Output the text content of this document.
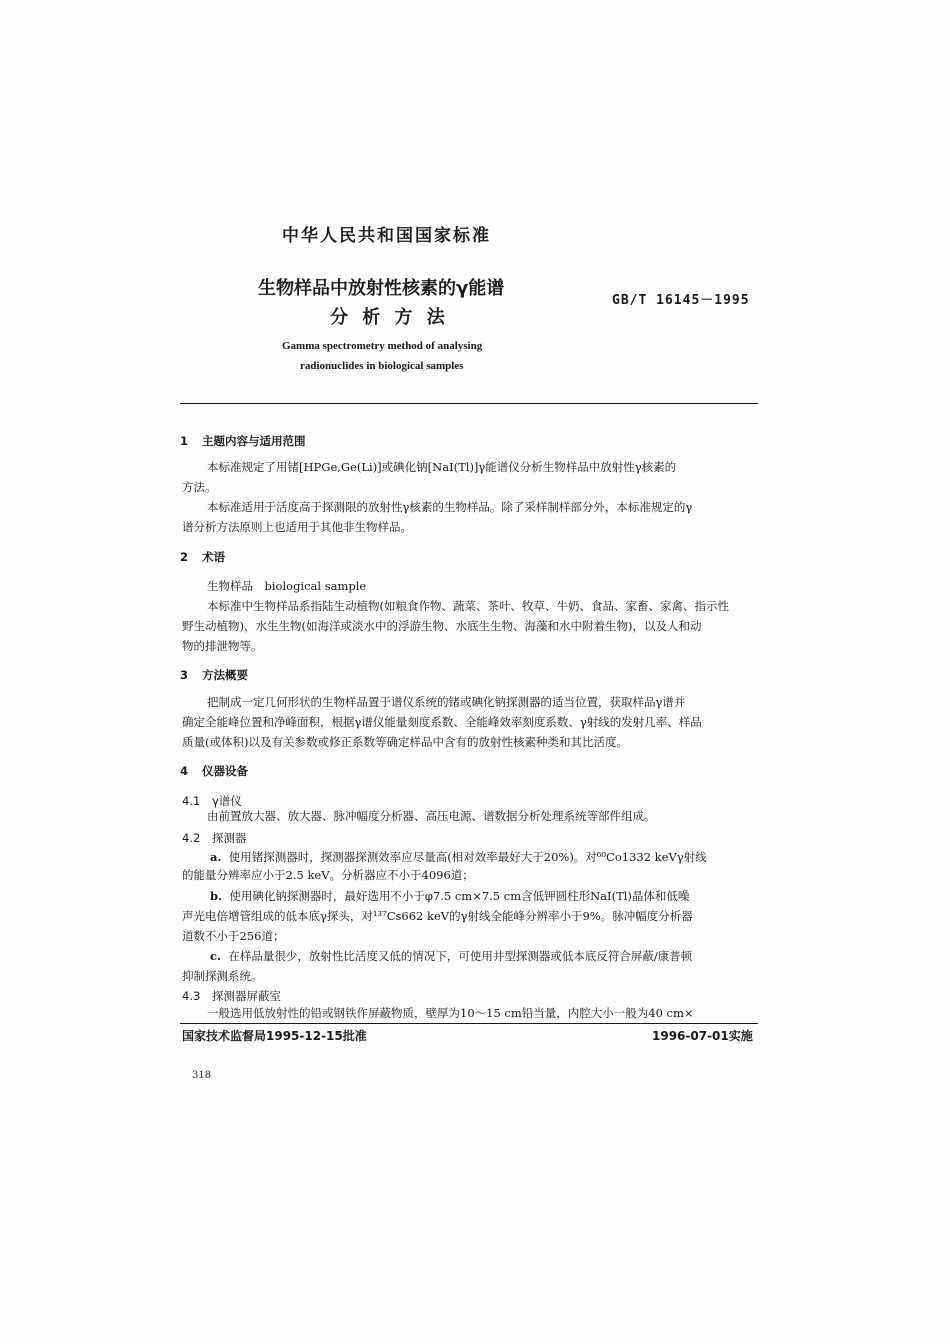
中华人民共和国国家标准
生物样品中放射性核素的γ能谱
分 析 方 法
GB/T 16145－1995
Gamma spectrometry method of analysing
radionuclides in biological samples
1 主题内容与适用范围
本标准规定了用锗[HPGe,Ge(Li)]或碘化钠[NaI(Tl)]γ能谱仪分析生物样品中放射性γ核素的
方法。
本标准适用于活度高于探测限的放射性γ核素的生物样品。除了采样制样部分外，本标准规定的γ
谱分析方法原则上也适用于其他非生物样品。
2 术语
生物样品　biological sample
本标准中生物样品系指陆生动植物(如粮食作物、蔬菜、茶叶、牧草、牛奶、食品、家畜、家禽、指示性
野生动植物)，水生生物(如海洋或淡水中的浮游生物、水底生生物、海藻和水中附着生物)，以及人和动
物的排泄物等。
3 方法概要
把制成一定几何形状的生物样品置于谱仪系统的锗或碘化钠探测器的适当位置，获取样品γ谱并
确定全能峰位置和净峰面积，根据γ谱仪能量刻度系数、全能峰效率刻度系数、γ射线的发射几率、样品
质量(或体积)以及有关参数或修正系数等确定样品中含有的放射性核素种类和其比活度。
4 仪器设备
4.1 γ谱仪
由前置放大器、放大器、脉冲幅度分析器、高压电源、谱数据分析处理系统等部件组成。
4.2 探测器
a. 使用锗探测器时，探测器探测效率应尽量高(相对效率最好大于20%)。对⁶⁰Co1332 keVγ射线
的能量分辨率应小于2.5 keV。分析器应不小于4096道；
b. 使用碘化钠探测器时，最好选用不小于φ7.5 cm×7.5 cm含低钾圆柱形NaI(Tl)晶体和低噪
声光电倍增管组成的低本底γ探头，对¹³⁷Cs662 keV的γ射线全能峰分辨率小于9%。脉冲幅度分析器
道数不小于256道；
c. 在样品量很少，放射性比活度又低的情况下，可使用井型探测器或低本底反符合屏蔽/康普顿
抑制探测系统。
4.3 探测器屏蔽室
一般选用低放射性的铅或钢铁作屏蔽物质，壁厚为10～15 cm铅当量，内腔大小一般为40 cm×
国家技术监督局1995-12-15批准	1996-07-01实施
318
